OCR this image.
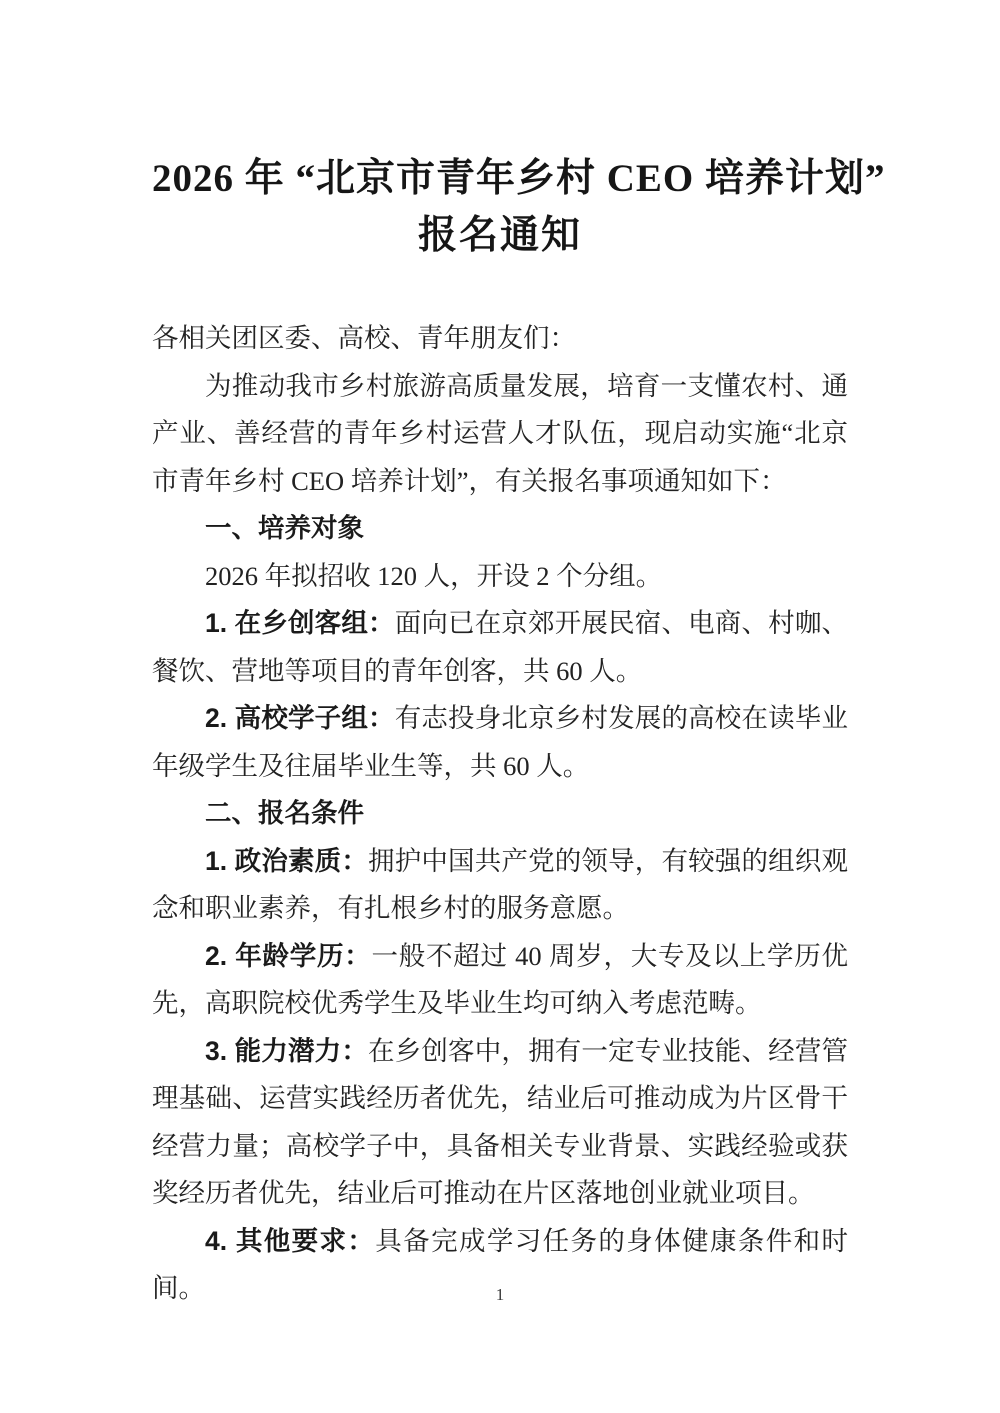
2026 年 “北京市青年乡村 CEO 培养计划”
报名通知

各相关团区委、高校、青年朋友们：

为推动我市乡村旅游高质量发展，培育一支懂农村、通产业、善经营的青年乡村运营人才队伍，现启动实施“北京市青年乡村 CEO 培养计划”，有关报名事项通知如下：

一、培养对象

2026 年拟招收 120 人，开设 2 个分组。

1. 在乡创客组：面向已在京郊开展民宿、电商、村咖、餐饮、营地等项目的青年创客，共 60 人。

2. 高校学子组：有志投身北京乡村发展的高校在读毕业年级学生及往届毕业生等，共 60 人。

二、报名条件

1. 政治素质：拥护中国共产党的领导，有较强的组织观念和职业素养，有扎根乡村的服务意愿。

2. 年龄学历：一般不超过 40 周岁，大专及以上学历优先，高职院校优秀学生及毕业生均可纳入考虑范畴。

3. 能力潜力：在乡创客中，拥有一定专业技能、经营管理基础、运营实践经历者优先，结业后可推动成为片区骨干经营力量；高校学子中，具备相关专业背景、实践经验或获奖经历者优先，结业后可推动在片区落地创业就业项目。

4. 其他要求：具备完成学习任务的身体健康条件和时间。	1
